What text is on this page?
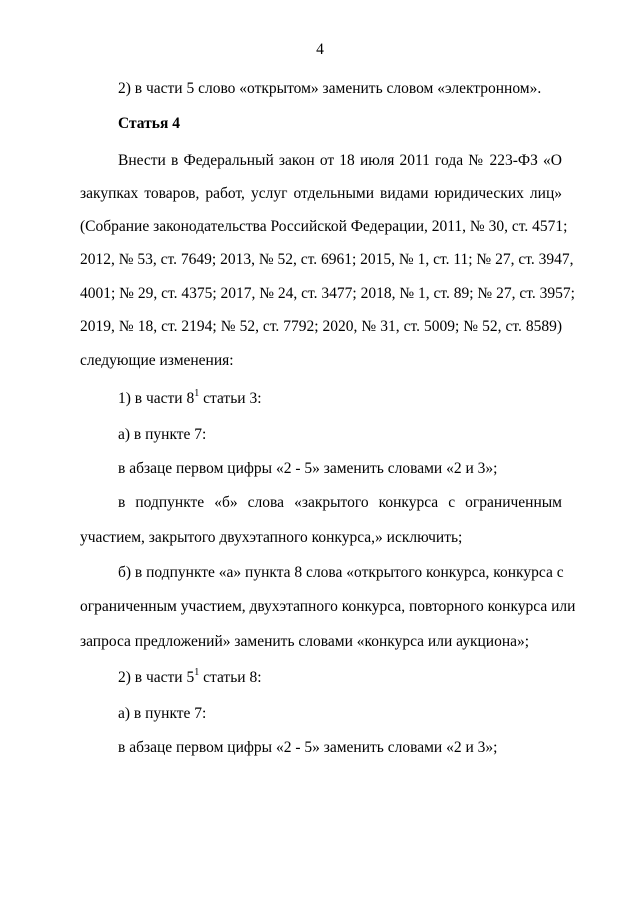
4
2) в части 5 слово «открытом» заменить словом «электронном».
Статья 4
Внести в Федеральный закон от 18 июля 2011 года № 223-ФЗ «О
закупках товаров, работ, услуг отдельными видами юридических лиц»
(Собрание законодательства Российской Федерации, 2011, № 30, ст. 4571;
2012, № 53, ст. 7649; 2013, № 52, ст. 6961; 2015, № 1, ст. 11; № 27, ст. 3947,
4001; № 29, ст. 4375; 2017, № 24, ст. 3477; 2018, № 1, ст. 89; № 27, ст. 3957;
2019, № 18, ст. 2194; № 52, ст. 7792; 2020, № 31, ст. 5009; № 52, ст. 8589)
следующие изменения:
1) в части $8^1$ статьи 3:
а) в пункте 7:
в абзаце первом цифры «2 - 5» заменить словами «2 и 3»;
в подпункте «б» слова «закрытого конкурса с ограниченным
участием, закрытого двухэтапного конкурса,» исключить;
б) в подпункте «а» пункта 8 слова «открытого конкурса, конкурса с
ограниченным участием, двухэтапного конкурса, повторного конкурса или
запроса предложений» заменить словами «конкурса или аукциона»;
2) в части $5^1$ статьи 8:
а) в пункте 7:
в абзаце первом цифры «2 - 5» заменить словами «2 и 3»;
